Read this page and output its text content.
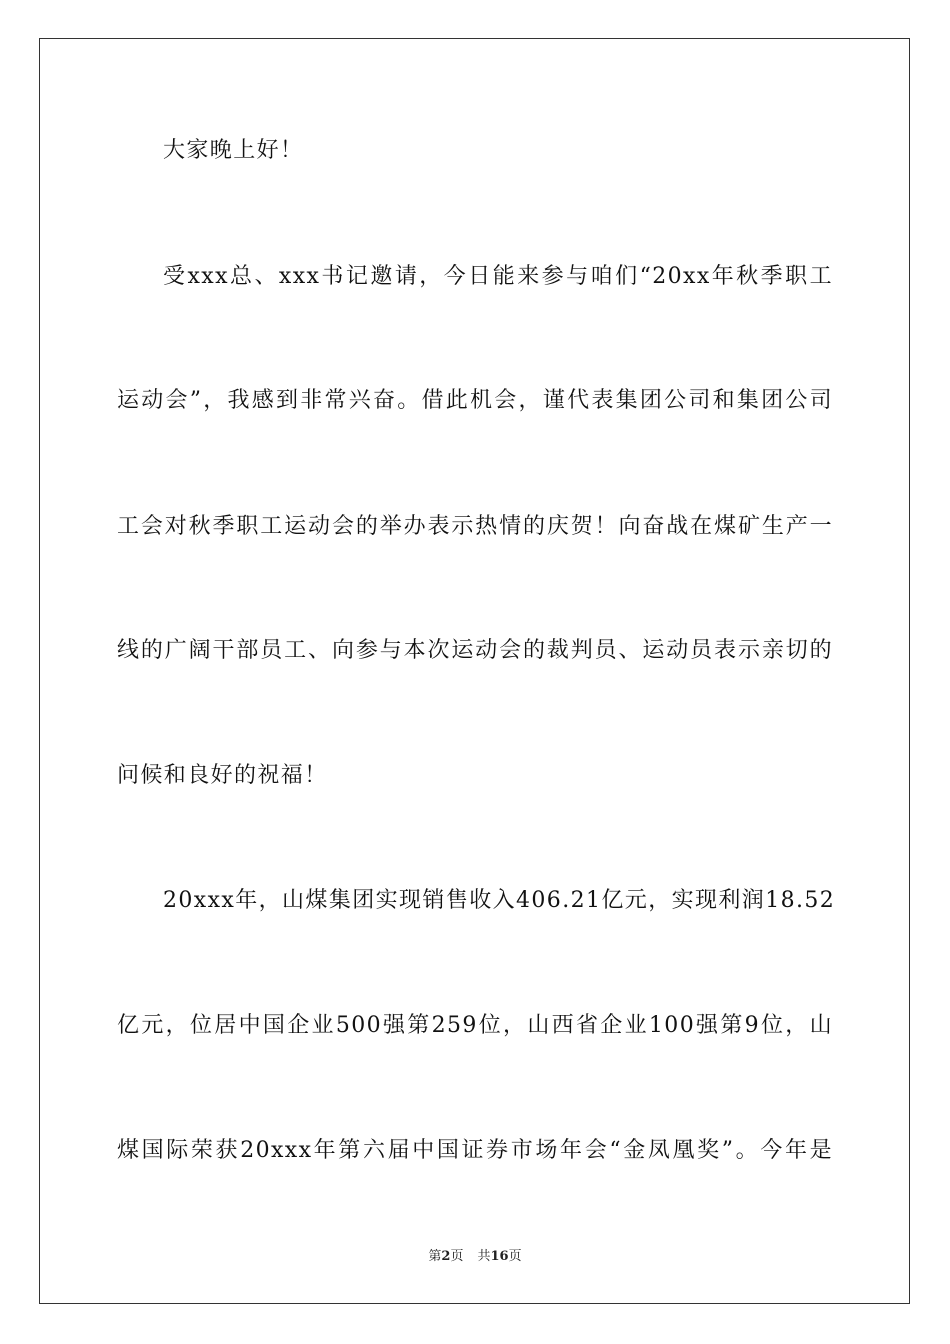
大家晚上好！
受xxx总、xxx书记邀请，今日能来参与咱们“20xx年秋季职工
运动会”，我感到非常兴奋。借此机会，谨代表集团公司和集团公司
工会对秋季职工运动会的举办表示热情的庆贺！向奋战在煤矿生产一
线的广阔干部员工、向参与本次运动会的裁判员、运动员表示亲切的
问候和良好的祝福！
20xxx年，山煤集团实现销售收入406.21亿元，实现利润18.52
亿元，位居中国企业500强第259位，山西省企业100强第9位，山
煤国际荣获20xxx年第六届中国证券市场年会“金凤凰奖”。今年是
第2页 共16页
